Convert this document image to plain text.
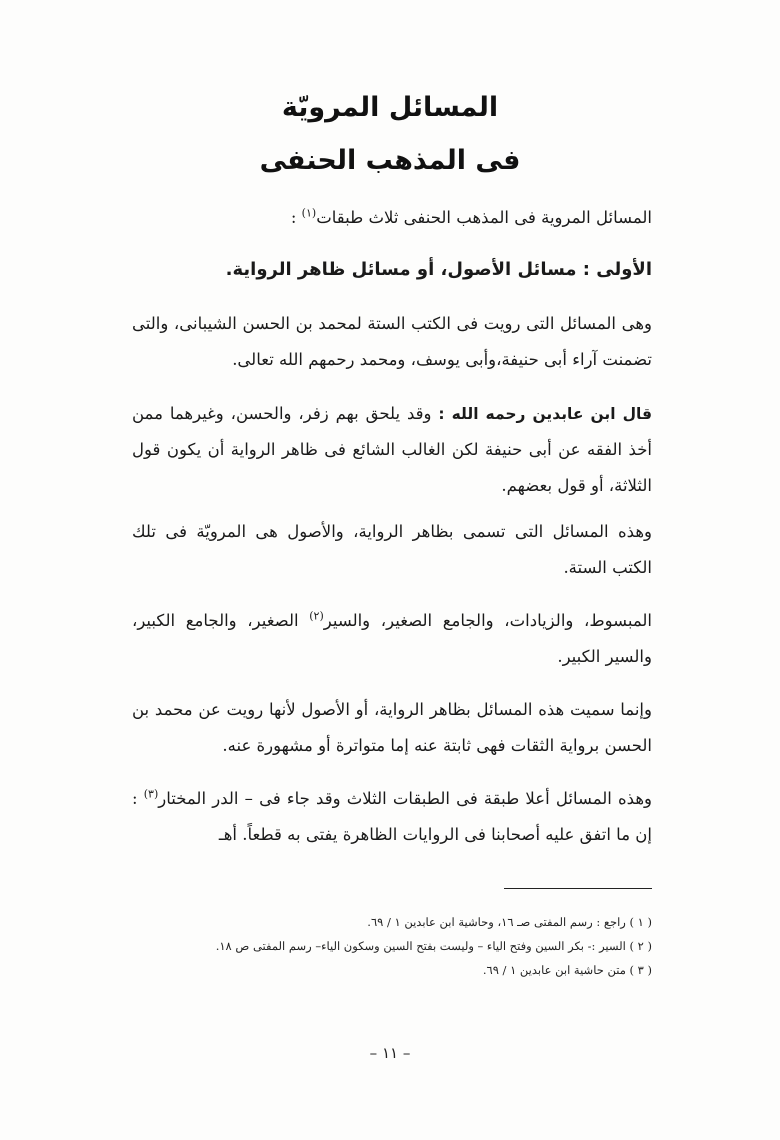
المسائل المرويّة
فى المذهب الحنفى
المسائل المروية فى المذهب الحنفى ثلاث طبقات$^{(١)}$ :
الأولى : مسائل الأصول، أو مسائل ظاهر الرواية.
وهى المسائل التى رويت فى الكتب الستة لمحمد بن الحسن الشيبانى، والتى تضمنت آراء أبى حنيفة،وأبى يوسف، ومحمد رحمهم الله تعالى.
قال ابن عابدين رحمه الله : وقد يلحق بهم زفر، والحسن، وغيرهما ممن أخذ الفقه عن أبى حنيفة لكن الغالب الشائع فى ظاهر الرواية أن يكون قول الثلاثة، أو قول بعضهم.
وهذه المسائل التى تسمى بظاهر الرواية، والأصول هى المرويّة فى تلك الكتب الستة.
المبسوط، والزيادات، والجامع الصغير، والسير$^{(٢)}$ الصغير، والجامع الكبير، والسير الكبير.
وإنما سميت هذه المسائل بظاهر الرواية، أو الأصول لأنها رويت عن محمد بن الحسن برواية الثقات فهى ثابتة عنه إما متواترة أو مشهورة عنه.
وهذه المسائل أعلا طبقة فى الطبقات الثلاث وقد جاء فى – الدر المختار$^{(٣)}$ : إن ما اتفق عليه أصحابنا فى الروايات الظاهرة يفتى به قطعاً. أهـ
( ١ ) راجع : رسم المفتى صـ ١٦، وحاشية ابن عابدين ١ / ٦٩.
( ٢ ) السير :- بكر السين وفتح الياء – وليست بفتح السين وسكون الياء– رسم المفتى ص ١٨.
( ٣ ) متن حاشية ابن عابدين ١ / ٦٩.
– ١١ –
